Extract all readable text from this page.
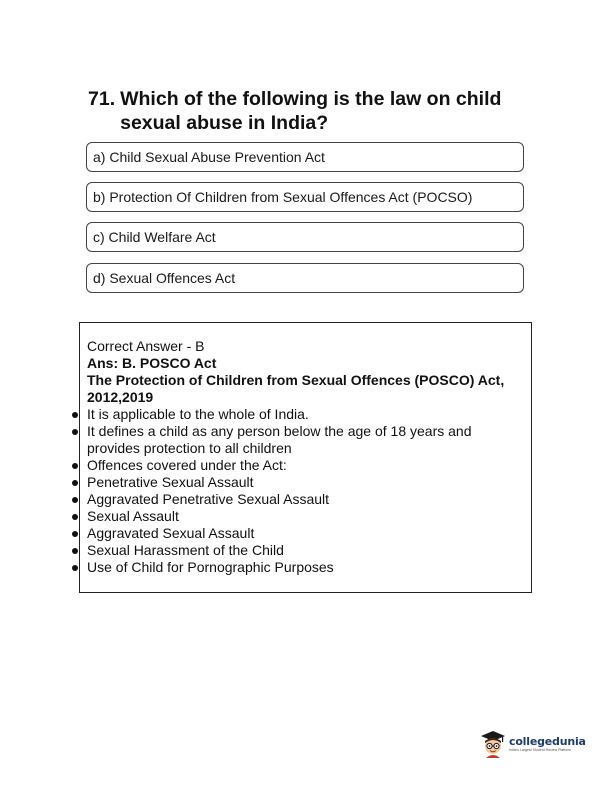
71. Which of the following is the law on child sexual abuse in India?
a) Child Sexual Abuse Prevention Act
b) Protection Of Children from Sexual Offences Act (POCSO)
c) Child Welfare Act
d) Sexual Offences Act
Correct Answer - B
Ans: B. POSCO Act
The Protection of Children from Sexual Offences (POSCO) Act, 2012,2019
It is applicable to the whole of India.
It defines a child as any person below the age of 18 years and provides protection to all children
Offences covered under the Act:
Penetrative Sexual Assault
Aggravated Penetrative Sexual Assault
Sexual Assault
Aggravated Sexual Assault
Sexual Harassment of the Child
Use of Child for Pornographic Purposes
collegedunia
India's Largest Student Review Platform
